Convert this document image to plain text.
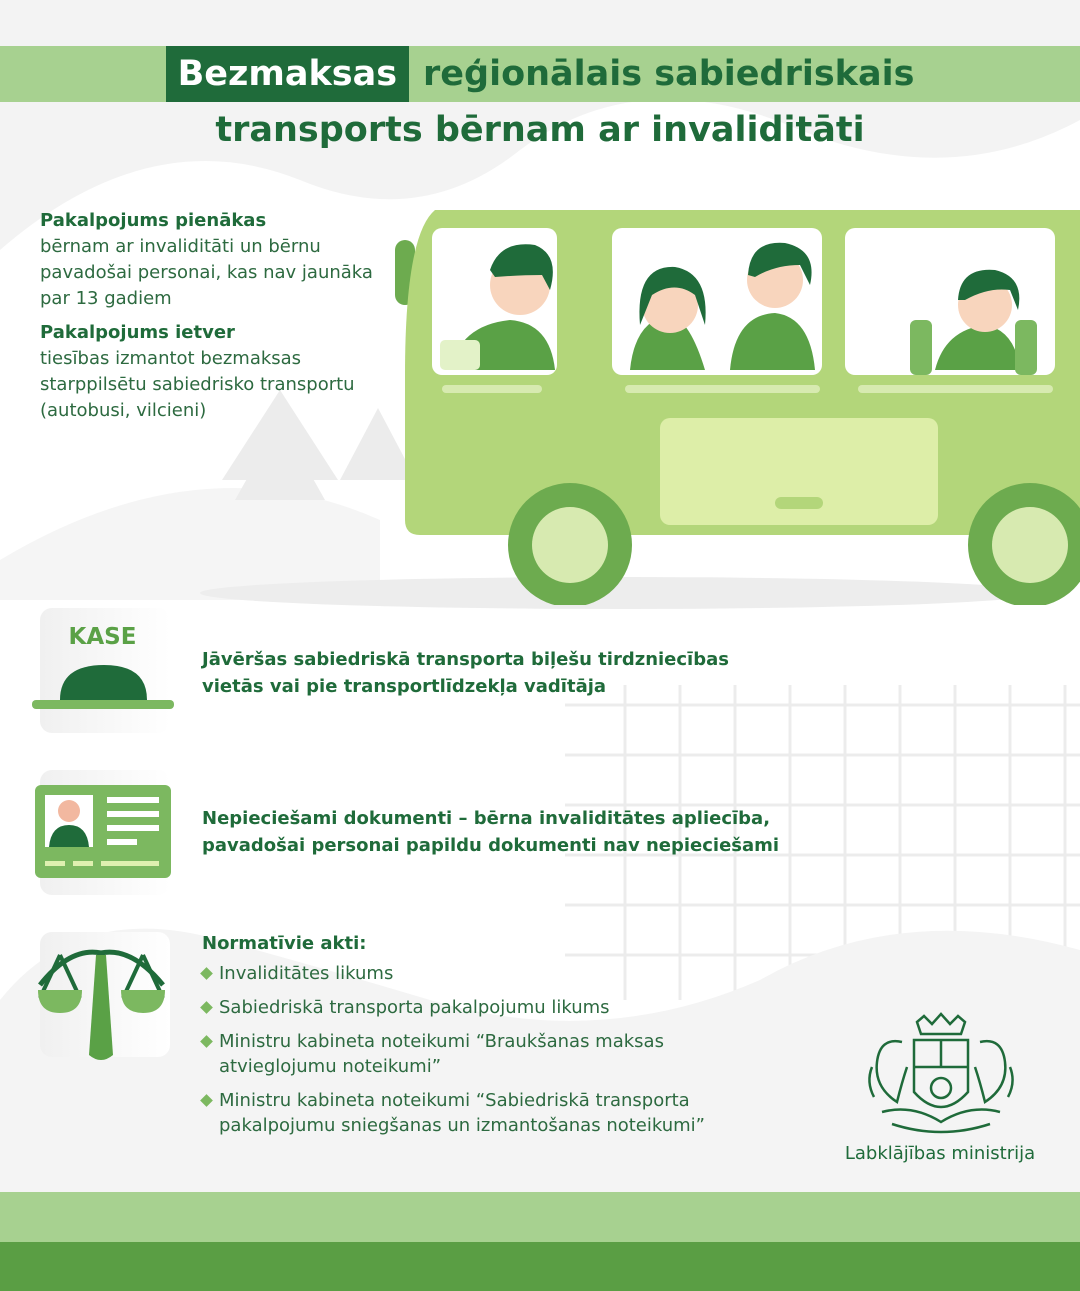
Bezmaksas reģionālais sabiedriskais
transports bērnam ar invaliditāti
Pakalpojums pienākas
bērnam ar invaliditāti un bērnu pavadošai personai, kas nav jaunāka par 13 gadiem
Pakalpojums ietver
tiesības izmantot bezmaksas starppilsētu sabiedrisko transportu (autobusi, vilcieni)
KASE
Jāvēršas sabiedriskā transporta biļešu tirdzniecības vietās vai pie transportlīdzekļa vadītāja
Nepieciešami dokumenti – bērna invaliditātes apliecība, pavadošai personai papildu dokumenti nav nepieciešami
Normatīvie akti:
Invaliditātes likums
Sabiedriskā transporta pakalpojumu likums
Ministru kabineta noteikumi “Braukšanas maksas atvieglojumu noteikumi”
Ministru kabineta noteikumi “Sabiedriskā transporta pakalpojumu sniegšanas un izmantošanas noteikumi”
Labklājības ministrija
